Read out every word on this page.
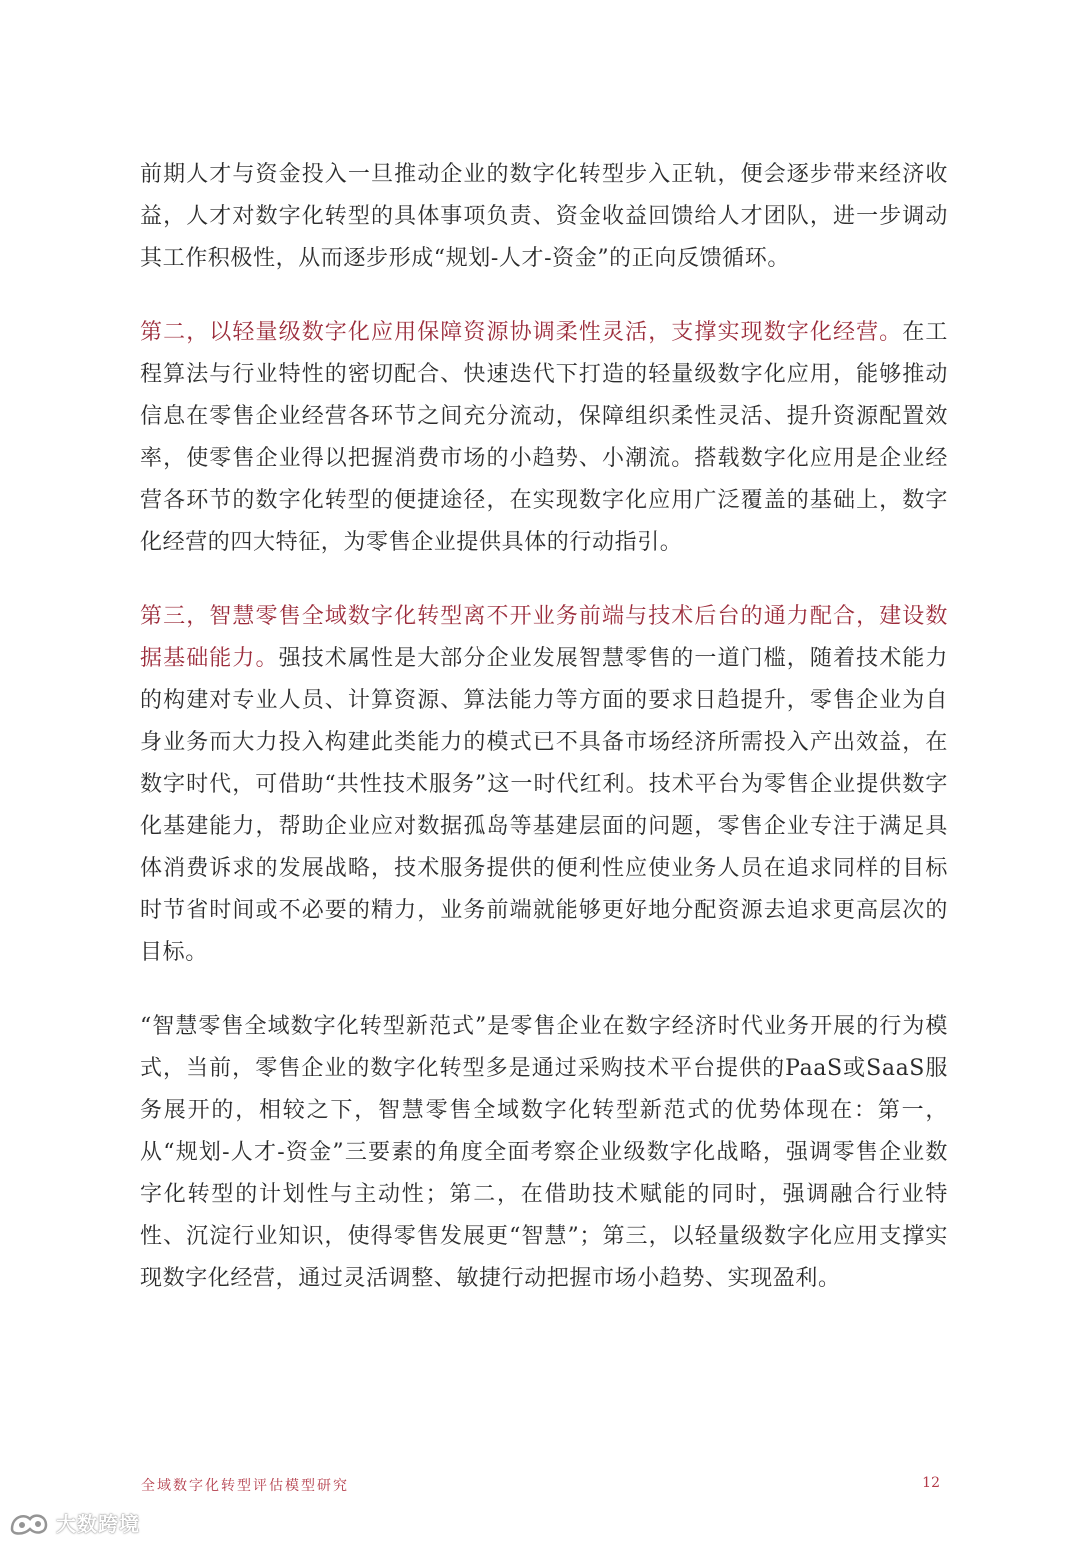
前期人才与资金投入一旦推动企业的数字化转型步入正轨，便会逐步带来经济收益，人才对数字化转型的具体事项负责、资金收益回馈给人才团队，进一步调动其工作积极性，从而逐步形成“规划-人才-资金”的正向反馈循环。

第二，以轻量级数字化应用保障资源协调柔性灵活，支撑实现数字化经营。在工程算法与行业特性的密切配合、快速迭代下打造的轻量级数字化应用，能够推动信息在零售企业经营各环节之间充分流动，保障组织柔性灵活、提升资源配置效率，使零售企业得以把握消费市场的小趋势、小潮流。搭载数字化应用是企业经营各环节的数字化转型的便捷途径，在实现数字化应用广泛覆盖的基础上，数字化经营的四大特征，为零售企业提供具体的行动指引。

第三，智慧零售全域数字化转型离不开业务前端与技术后台的通力配合，建设数据基础能力。强技术属性是大部分企业发展智慧零售的一道门槛，随着技术能力的构建对专业人员、计算资源、算法能力等方面的要求日趋提升，零售企业为自身业务而大力投入构建此类能力的模式已不具备市场经济所需投入产出效益，在数字时代，可借助“共性技术服务”这一时代红利。技术平台为零售企业提供数字化基建能力，帮助企业应对数据孤岛等基建层面的问题，零售企业专注于满足具体消费诉求的发展战略，技术服务提供的便利性应使业务人员在追求同样的目标时节省时间或不必要的精力，业务前端就能够更好地分配资源去追求更高层次的目标。

“智慧零售全域数字化转型新范式”是零售企业在数字经济时代业务开展的行为模式，当前，零售企业的数字化转型多是通过采购技术平台提供的PaaS或SaaS服务展开的，相较之下，智慧零售全域数字化转型新范式的优势体现在：第一，从“规划-人才-资金”三要素的角度全面考察企业级数字化战略，强调零售企业数字化转型的计划性与主动性；第二，在借助技术赋能的同时，强调融合行业特性、沉淀行业知识，使得零售发展更“智慧”；第三，以轻量级数字化应用支撑实现数字化经营，通过灵活调整、敏捷行动把握市场小趋势、实现盈利。

全域数字化转型评估模型研究	12
大数跨境
